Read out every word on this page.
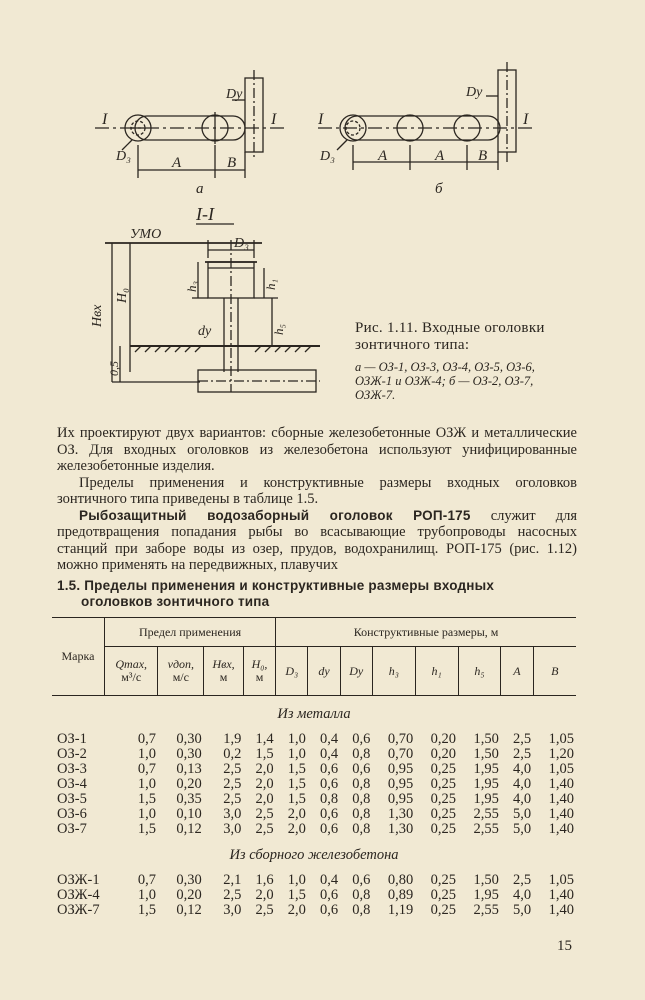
I	I
D₃
Dу
A	B
а
I	I
D₃
Dу
A	A B
б
I-I
УМО
Hвх
H₀
0,5
D₃
h₃	h₁
h₅
dу	Рис. 1.11. Входные оголовки зонтичного типа:
а — ОЗ-1, ОЗ-3, ОЗ-4, ОЗ-5, ОЗ-6, ОЗЖ-1 и ОЗЖ-4; б — ОЗ-2, ОЗ-7, ОЗЖ-7.

Их проектируют двух вариантов: сборные железобетонные ОЗЖ и металлические ОЗ. Для входных оголовков из железобетона используют унифицированные железобетонные изделия.

Пределы применения и конструктивные размеры входных оголовков зонтичного типа приведены в таблице 1.5.

Рыбозащитный водозаборный оголовок РОП-175 служит для предотвращения попадания рыбы во всасывающие трубопроводы насосных станций при заборе воды из озер, прудов, водохранилищ. РОП-175 (рис. 1.12) можно применять на передвижных, плавучих

1.5. Пределы применения и конструктивные размеры входных
оголовков зонтичного типа
Марка	Предел применения				Конструктивные размеры, м							
	Qmax,
м³/с	vдоп,
м/с	Hвх,
м	H₀,
м	D₃	dу	Dу	h₃	h₁	h₅	A	B
Из металла												
ОЗ-1	0,7	0,30	1,9	1,4	1,0	0,4	0,6	0,70	0,20	1,50	2,5	1,05
ОЗ-2	1,0	0,30	0,2	1,5	1,0	0,4	0,8	0,70	0,20	1,50	2,5	1,20
ОЗ-3	0,7	0,13	2,5	2,0	1,5	0,6	0,6	0,95	0,25	1,95	4,0	1,05
ОЗ-4	1,0	0,20	2,5	2,0	1,5	0,6	0,8	0,95	0,25	1,95	4,0	1,40
ОЗ-5	1,5	0,35	2,5	2,0	1,5	0,8	0,8	0,95	0,25	1,95	4,0	1,40
ОЗ-6	1,0	0,10	3,0	2,5	2,0	0,6	0,8	1,30	0,25	2,55	5,0	1,40
ОЗ-7	1,5	0,12	3,0	2,5	2,0	0,6	0,8	1,30	0,25	2,55	5,0	1,40
Из сборного железобетона												
ОЗЖ-1	0,7	0,30	2,1	1,6	1,0	0,4	0,6	0,80	0,25	1,50	2,5	1,05
ОЗЖ-4	1,0	0,20	2,5	2,0	1,5	0,6	0,8	0,89	0,25	1,95	4,0	1,40
ОЗЖ-7	1,5	0,12	3,0	2,5	2,0	0,6	0,8	1,19	0,25	2,55	5,0	1,40
15
